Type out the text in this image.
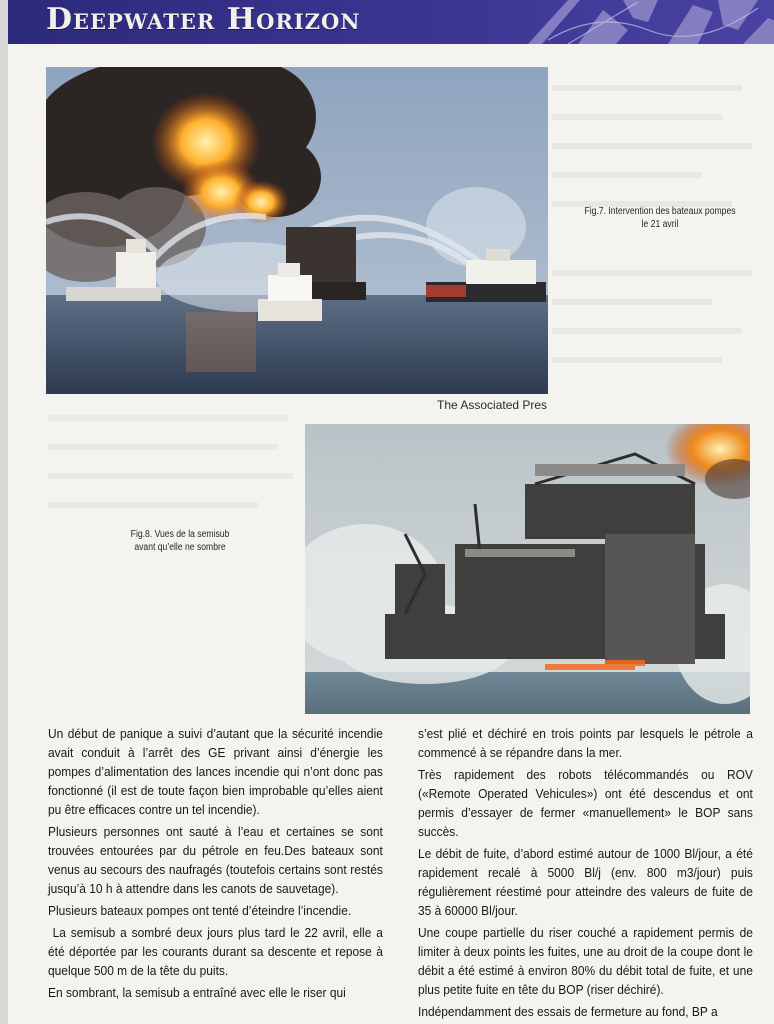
Deepwater Horizon
Fig.7. Intervention des bateaux pompes
le 21 avril
The Associated Pres
Fig.8. Vues de la semisub
avant qu’elle ne sombre

Un début de panique a suivi d’autant que la sécurité incendie avait conduit à l’arrêt des GE privant ainsi d’énergie les pompes d’alimentation des lances incendie qui n’ont donc pas fonctionné (il est de toute façon bien improbable qu’elles aient pu être efficaces contre un tel incendie).

Plusieurs personnes ont sauté à l’eau et certaines se sont trouvées entourées par du pétrole en feu.Des bateaux sont venus au secours des naufragés (toutefois certains sont restés jusqu’à 10 h à attendre dans les canots de sauvetage).

Plusieurs bateaux pompes ont tenté d’éteindre l’incendie.

La semisub a sombré deux jours plus tard le 22 avril, elle a été déportée par les courants durant sa descente et repose à quelque 500 m de la tête du puits.

En sombrant, la semisub a entraîné avec elle le riser qui

s’est plié et déchiré en trois points par lesquels le pétrole a commencé à se répandre dans la mer.

Très rapidement des robots télécommandés ou ROV («Remote Operated Vehicules») ont été descendus et ont permis d’essayer de fermer «manuellement» le BOP sans succès.

Le débit de fuite, d’abord estimé autour de 1000 Bl/jour, a été rapidement recalé à 5000 Bl/j (env. 800 m3/jour) puis régulièrement réestimé pour atteindre des valeurs de fuite de 35 à 60000 Bl/jour.

Une coupe partielle du riser couché a rapidement permis de limiter à deux points les fuites, une au droit de la coupe dont le débit a été estimé à environ 80% du débit total de fuite, et une plus petite fuite en tête du BOP (riser déchiré).

Indépendamment des essais de fermeture au fond, BP a
